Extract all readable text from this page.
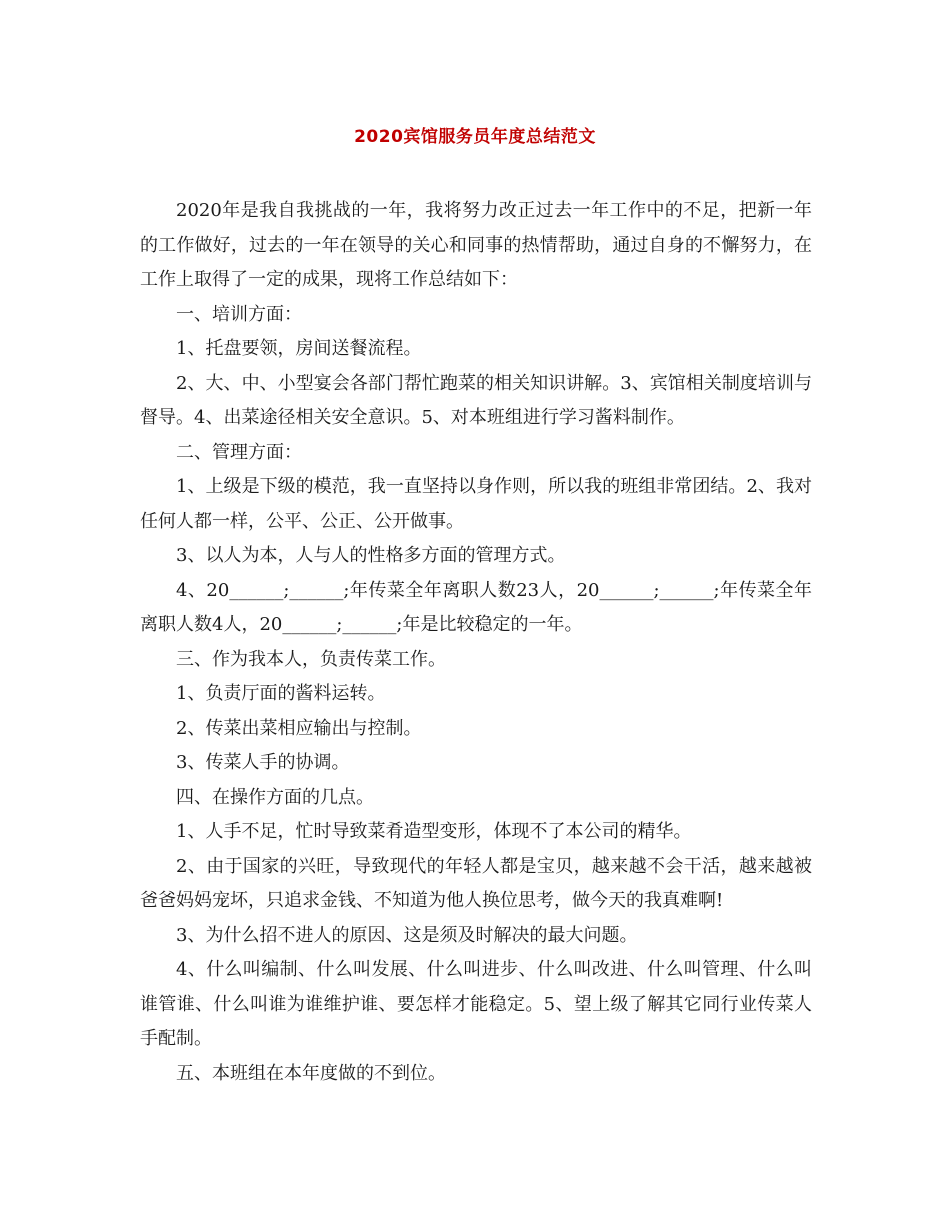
2020宾馆服务员年度总结范文

2020年是我自我挑战的一年，我将努力改正过去一年工作中的不足，把新一年的工作做好，过去的一年在领导的关心和同事的热情帮助，通过自身的不懈努力，在工作上取得了一定的成果，现将工作总结如下：

一、培训方面：

1、托盘要领，房间送餐流程。

2、大、中、小型宴会各部门帮忙跑菜的相关知识讲解。3、宾馆相关制度培训与督导。4、出菜途径相关安全意识。5、对本班组进行学习酱料制作。

二、管理方面：

1、上级是下级的模范，我一直坚持以身作则，所以我的班组非常团结。2、我对任何人都一样，公平、公正、公开做事。

3、以人为本，人与人的性格多方面的管理方式。

4、20______;______;年传菜全年离职人数23人，20______;______;年传菜全年离职人数4人，20______;______;年是比较稳定的一年。

三、作为我本人，负责传菜工作。

1、负责厅面的酱料运转。

2、传菜出菜相应输出与控制。

3、传菜人手的协调。

四、在操作方面的几点。

1、人手不足，忙时导致菜肴造型变形，体现不了本公司的精华。

2、由于国家的兴旺，导致现代的年轻人都是宝贝，越来越不会干活，越来越被爸爸妈妈宠坏，只追求金钱、不知道为他人换位思考，做今天的我真难啊!

3、为什么招不进人的原因、这是须及时解决的最大问题。

4、什么叫编制、什么叫发展、什么叫进步、什么叫改进、什么叫管理、什么叫谁管谁、什么叫谁为谁维护谁、要怎样才能稳定。5、望上级了解其它同行业传菜人手配制。

五、本班组在本年度做的不到位。
